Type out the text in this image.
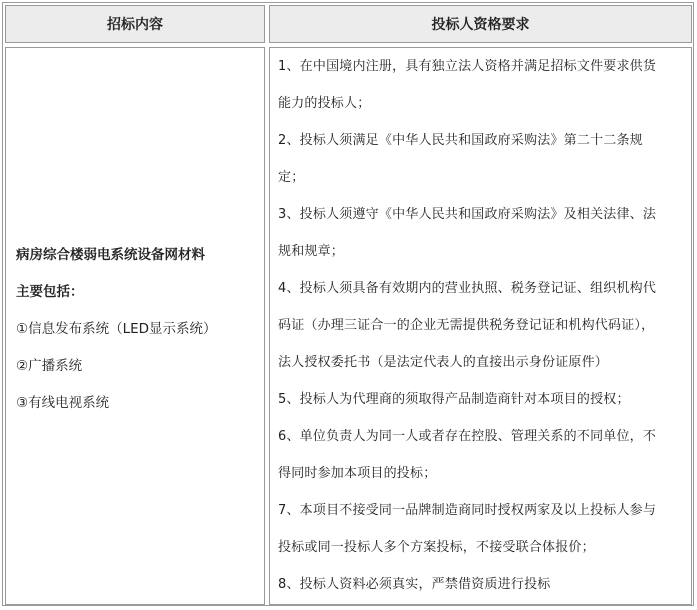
招标内容	投标人资格要求
病房综合楼弱电系统设备网材料
主要包括：
①信息发布系统（LED显示系统）
②广播系统
③有线电视系统
1、在中国境内注册，具有独立法人资格并满足招标文件要求供货
能力的投标人；
2、投标人须满足《中华人民共和国政府采购法》第二十二条规
定；
3、投标人须遵守《中华人民共和国政府采购法》及相关法律、法
规和规章；
4、投标人须具备有效期内的营业执照、税务登记证、组织机构代
码证（办理三证合一的企业无需提供税务登记证和机构代码证），
法人授权委托书（是法定代表人的直接出示身份证原件）
5、投标人为代理商的须取得产品制造商针对本项目的授权；
6、单位负责人为同一人或者存在控股、管理关系的不同单位，不
得同时参加本项目的投标；
7、本项目不接受同一品牌制造商同时授权两家及以上投标人参与
投标或同一投标人多个方案投标，不接受联合体报价；
8、投标人资料必须真实，严禁借资质进行投标
